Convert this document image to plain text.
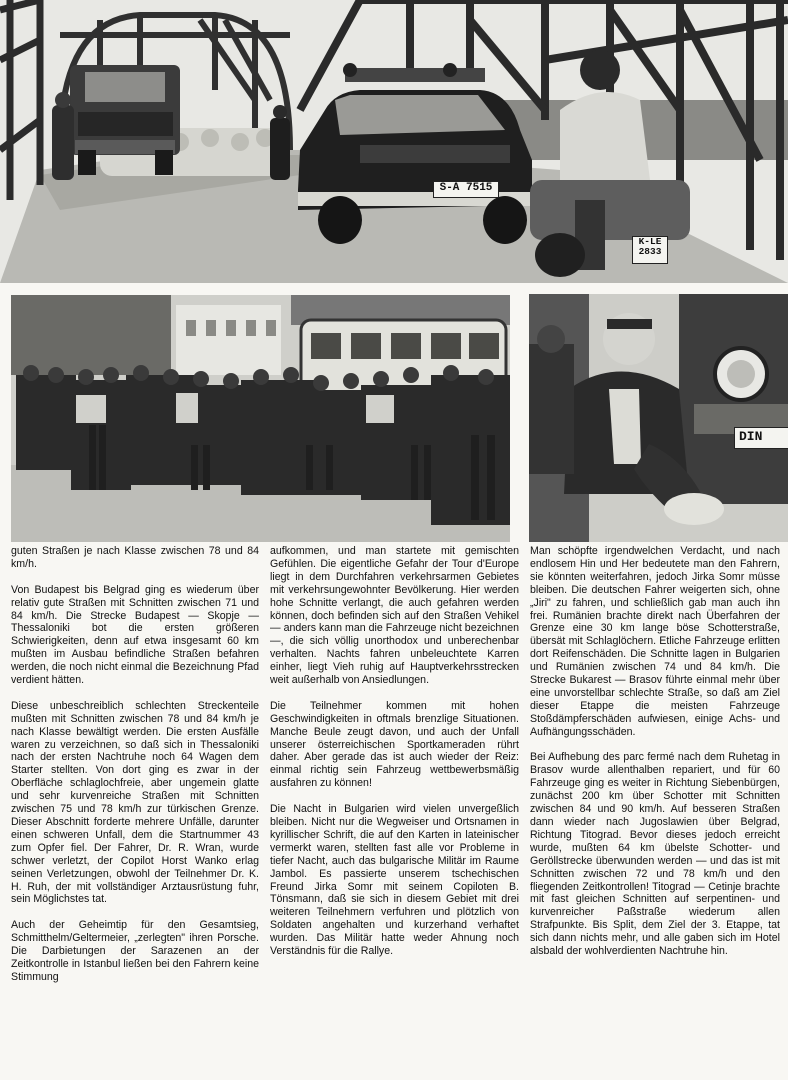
S-A 7515
K-LE
2833
DIN

guten Straßen je nach Klasse zwischen 78 und 84 km/h.

Von Budapest bis Belgrad ging es wiederum über relativ gute Straßen mit Schnitten zwischen 71 und 84 km/h. Die Strecke Budapest — Skopje — Thessaloniki bot die ersten größeren Schwierigkeiten, denn auf etwa insgesamt 60 km mußten im Ausbau befindliche Straßen befahren werden, die noch nicht einmal die Bezeichnung Pfad verdient hätten.

Diese unbeschreiblich schlechten Streckenteile mußten mit Schnitten zwischen 78 und 84 km/h je nach Klasse bewältigt werden. Die ersten Ausfälle waren zu verzeichnen, so daß sich in Thessaloniki nach der ersten Nachtruhe noch 64 Wagen dem Starter stellten. Von dort ging es zwar in der Oberfläche schlaglochfreie, aber ungemein glatte und sehr kurvenreiche Straßen mit Schnitten zwischen 75 und 78 km/h zur türkischen Grenze. Dieser Abschnitt forderte mehrere Unfälle, darunter einen schweren Unfall, dem die Startnummer 43 zum Opfer fiel. Der Fahrer, Dr. R. Wran, wurde schwer verletzt, der Copilot Horst Wanko erlag seinen Verletzungen, obwohl der Teilnehmer Dr. K. H. Ruh, der mit vollständiger Arztausrüstung fuhr, sein Möglichstes tat.

Auch der Geheimtip für den Gesamtsieg, Schmitthelm/Geltermeier, „zerlegten" ihren Porsche. Die Darbietungen der Sarazenen an der Zeitkontrolle in Istanbul ließen bei den Fahrern keine Stimmung

aufkommen, und man startete mit gemischten Gefühlen. Die eigentliche Gefahr der Tour d'Europe liegt in dem Durchfahren verkehrsarmen Gebietes mit verkehrsungewohnter Bevölkerung. Hier werden hohe Schnitte verlangt, die auch gefahren werden können, doch befinden sich auf den Straßen Vehikel — anders kann man die Fahrzeuge nicht bezeichnen —, die sich völlig unorthodox und unberechenbar verhalten. Nachts fahren unbeleuchtete Karren einher, liegt Vieh ruhig auf Hauptverkehrsstrecken weit außerhalb von Ansiedlungen.

Die Teilnehmer kommen mit hohen Geschwindigkeiten in oftmals brenzlige Situationen. Manche Beule zeugt davon, und auch der Unfall unserer österreichischen Sportkameraden rührt daher. Aber gerade das ist auch wieder der Reiz: einmal richtig sein Fahrzeug wettbewerbsmäßig ausfahren zu können!

Die Nacht in Bulgarien wird vielen unvergeßlich bleiben. Nicht nur die Wegweiser und Ortsnamen in kyrillischer Schrift, die auf den Karten in lateinischer vermerkt waren, stellten fast alle vor Probleme in tiefer Nacht, auch das bulgarische Militär im Raume Jambol. Es passierte unserem tschechischen Freund Jirka Somr mit seinem Copiloten B. Tönsmann, daß sie sich in diesem Gebiet mit drei weiteren Teilnehmern verfuhren und plötzlich von Soldaten angehalten und kurzerhand verhaftet wurden. Das Militär hatte weder Ahnung noch Verständnis für die Rallye.

Man schöpfte irgendwelchen Verdacht, und nach endlosem Hin und Her bedeutete man den Fahrern, sie könnten weiterfahren, jedoch Jirka Somr müsse bleiben. Die deutschen Fahrer weigerten sich, ohne „Jiri" zu fahren, und schließlich gab man auch ihn frei. Rumänien brachte direkt nach Überfahren der Grenze eine 30 km lange böse Schotterstraße, übersät mit Schlaglöchern. Etliche Fahrzeuge erlitten dort Reifenschäden. Die Schnitte lagen in Bulgarien und Rumänien zwischen 74 und 84 km/h. Die Strecke Bukarest — Brasov führte einmal mehr über eine unvorstellbar schlechte Straße, so daß am Ziel dieser Etappe die meisten Fahrzeuge Stoßdämpferschäden aufwiesen, einige Achs- und Aufhängungsschäden.

Bei Aufhebung des parc fermé nach dem Ruhetag in Brasov wurde allenthalben repariert, und für 60 Fahrzeuge ging es weiter in Richtung Siebenbürgen, zunächst 200 km über Schotter mit Schnitten zwischen 84 und 90 km/h. Auf besseren Straßen dann wieder nach Jugoslawien über Belgrad, Richtung Titograd. Bevor dieses jedoch erreicht wurde, mußten 64 km übelste Schotter- und Geröllstrecke überwunden werden — und das ist mit Schnitten zwischen 72 und 78 km/h und den fliegenden Zeitkontrollen! Titograd — Cetinje brachte mit fast gleichen Schnitten auf serpentinen- und kurvenreicher Paßstraße wiederum allen Strafpunkte. Bis Split, dem Ziel der 3. Etappe, tat sich dann nichts mehr, und alle gaben sich im Hotel alsbald der wohlverdienten Nachtruhe hin.
